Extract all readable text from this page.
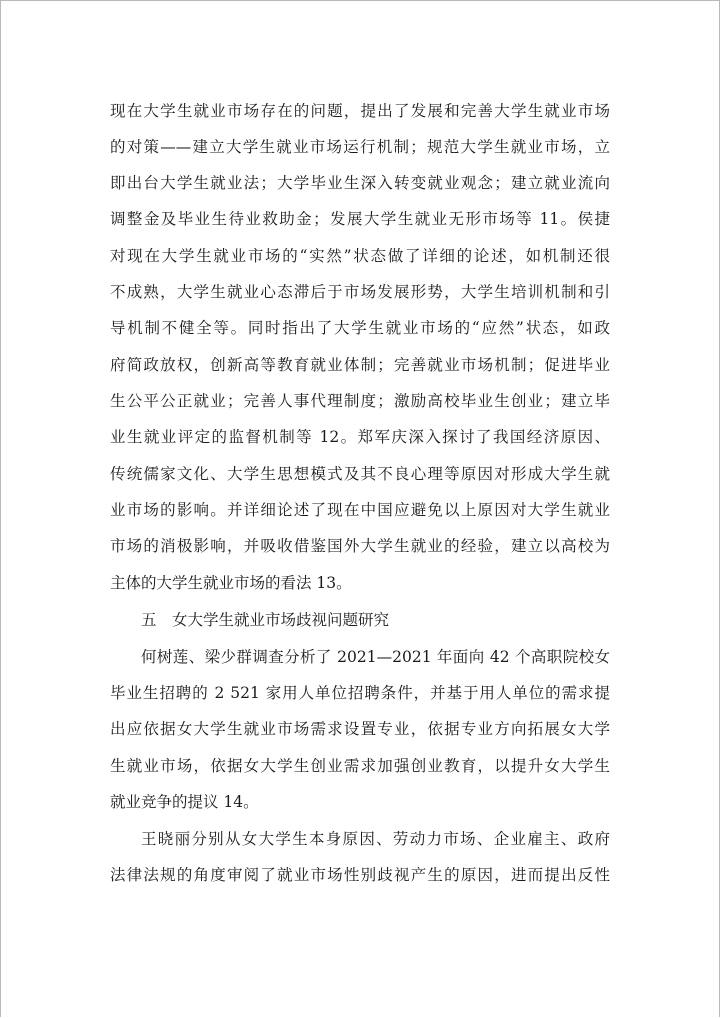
现在大学生就业市场存在的问题，提出了发展和完善大学生就业市场
的对策——建立大学生就业市场运行机制；规范大学生就业市场，立
即出台大学生就业法；大学毕业生深入转变就业观念；建立就业流向
调整金及毕业生待业救助金；发展大学生就业无形市场等 11。侯捷
对现在大学生就业市场的“实然”状态做了详细的论述，如机制还很
不成熟，大学生就业心态滞后于市场发展形势，大学生培训机制和引
导机制不健全等。同时指出了大学生就业市场的“应然”状态，如政
府简政放权，创新高等教育就业体制；完善就业市场机制；促进毕业
生公平公正就业；完善人事代理制度；激励高校毕业生创业；建立毕
业生就业评定的监督机制等 12。郑军庆深入探讨了我国经济原因、
传统儒家文化、大学生思想模式及其不良心理等原因对形成大学生就
业市场的影响。并详细论述了现在中国应避免以上原因对大学生就业
市场的消极影响，并吸收借鉴国外大学生就业的经验，建立以高校为
主体的大学生就业市场的看法 13。
五　女大学生就业市场歧视问题研究
何树莲、梁少群调查分析了 2021—2021 年面向 42 个高职院校女
毕业生招聘的 2 521 家用人单位招聘条件，并基于用人单位的需求提
出应依据女大学生就业市场需求设置专业，依据专业方向拓展女大学
生就业市场，依据女大学生创业需求加强创业教育，以提升女大学生
就业竞争的提议 14。
王晓丽分别从女大学生本身原因、劳动力市场、企业雇主、政府
法律法规的角度审阅了就业市场性别歧视产生的原因，进而提出反性
